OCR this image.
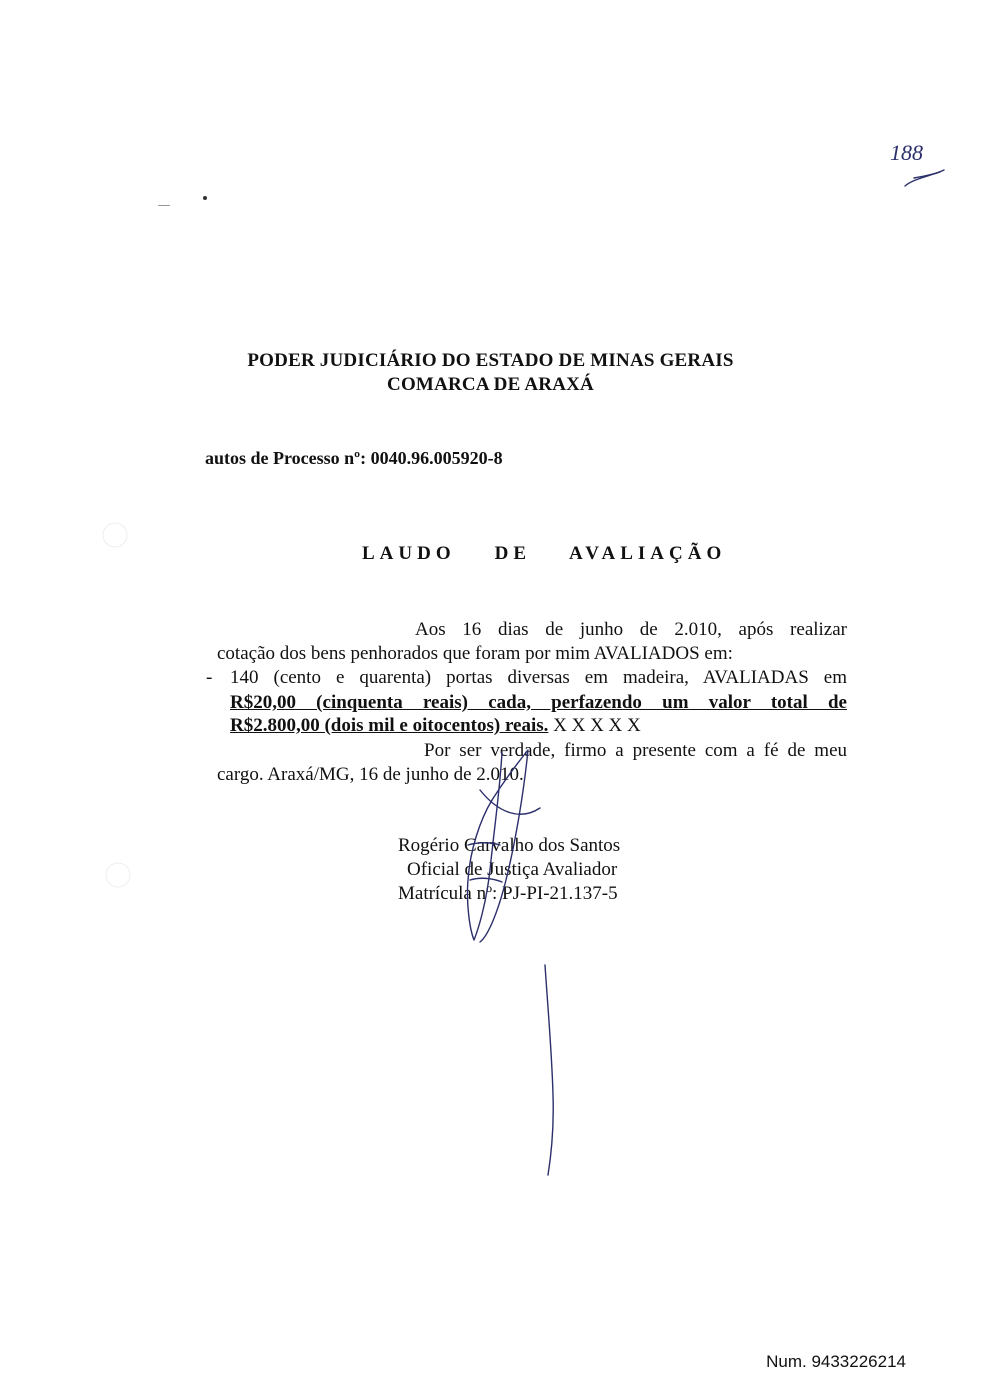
188
PODER JUDICIÁRIO DO ESTADO DE MINAS GERAIS
COMARCA DE ARAXÁ
autos de Processo nº: 0040.96.005920-8
LAUDO    DE    AVALIAÇÃO
Aos 16 dias de junho de 2.010, após realizar
cotação dos bens penhorados que foram por mim AVALIADOS em:
- 140 (cento e quarenta) portas diversas em madeira, AVALIADAS em
R$20,00 (cinquenta reais) cada, perfazendo um valor total de
R$2.800,00 (dois mil e oitocentos) reais. X X X X X
Por ser verdade, firmo a presente com a fé de meu
cargo. Araxá/MG, 16 de junho de 2.010.
Rogério Carvalho dos Santos
Oficial de Justiça Avaliador
Matrícula nº: PJ-PI-21.137-5
Num. 9433226214
